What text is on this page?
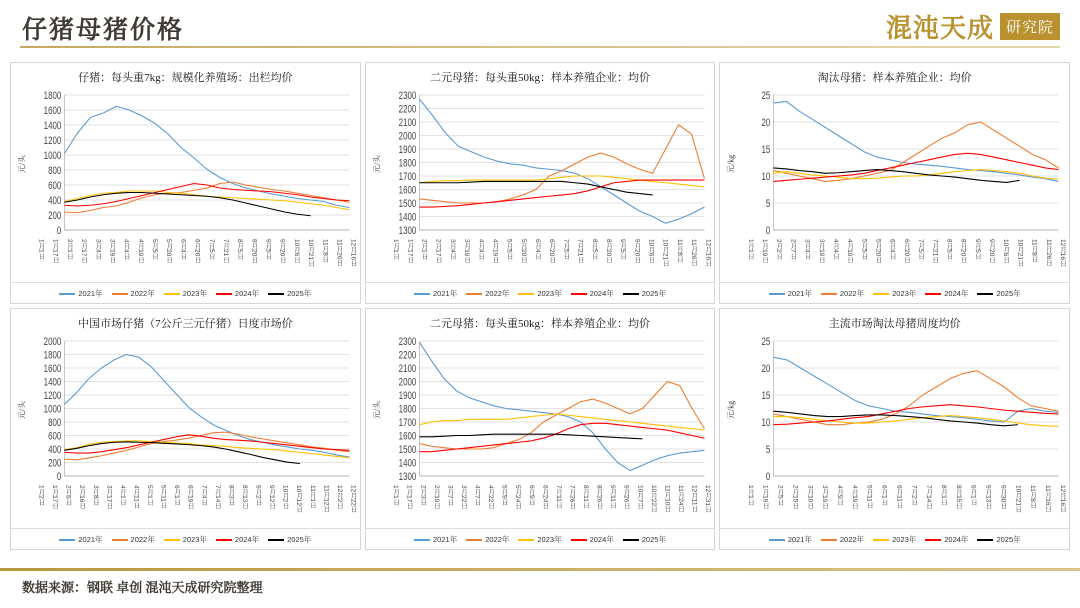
仔猪母猪价格	混沌天成 研究院
仔猪：每头重7kg：规模化养殖场：出栏均价
元/头
0
200
400
600
800
1000
1200
1400
1600
1800
1月1日 1月17日 2月1日 2月17日 3月4日 3月19日 4月4日 4月19日 5月5日 5月20日 6月4日 6月20日 7月5日 7月21日 8月5日 8月20日 9月5日 9月20日 10月6日 10月21日 11月8日 11月26日 12月16日
2021年	2022年	2023年	2024年	2025年
二元母猪：每头重50kg：样本养殖企业：均价
元/头
1300
1400
1500
1600
1700
1800
1900
2000
2100
2200
2300
1月1日 1月17日 2月1日 2月17日 3月4日 3月19日 4月4日 4月19日 5月5日 5月20日 6月4日 6月20日 7月5日 7月21日 8月5日 8月20日 9月5日 9月20日 10月6日 10月21日 11月8日 11月26日 12月16日
2021年	2022年	2023年	2024年	2025年
淘汰母猪：样本养殖企业：均价
元/kg
0
5
10
15
20
25
1月1日 1月19日 2月2日 2月7日 3月4日 3月19日 4月4日 4月19日 5月5日 5月20日 6月4日 6月20日 7月5日 7月21日 8月5日 8月20日 9月5日 9月20日 10月6日 10月21日 11月8日 11月26日 12月16日
2021年	2022年	2023年	2024年	2025年
中国市场仔猪（7公斤三元仔猪）日度市场价
元/头
0
200
400
600
800
1000
1200
1400
1600
1800
2000
1月2日 1月17日 2月6日 2月16日 3月8日 3月17日 4月1日 4月11日 5月1日 5月11日 6月1日 6月19日 7月4日 7月14日 8月3日 8月13日 9月2日 9月12日 10月2日 10月12日 11月1日 11月12日 12月2日 12月22日
2021年	2022年	2023年	2024年	2025年
二元母猪：每头重50kg：样本养殖企业：均价
元/头
1300
1400
1500
1600
1700
1800
1900
2000
2100
2200
2300
1月1日 1月17日 2月3日 2月19日 3月7日 3月22日 4月7日 4月22日 5月9日 5月24日 6月9日 6月24日 7月11日 7月26日 8月11日 8月26日 9月11日 9月26日 10月7日 10月22日 11月10日 11月24日 12月11日 12月31日
2021年	2022年	2023年	2024年	2025年
主流市场淘汰母猪周度均价
元/kg
0
5
10
15
20
25
1月1日 1月19日 2月5日 2月15日 3月10日 3月19日 4月9日 4月19日 5月11日 6月1日 6月11日 7月2日 7月14日 8月1日 8月15日 9月1日 9月13日 9月30日 10月21日 11月8日 11月16日 12月16日
2021年	2022年	2023年	2024年	2025年
数据来源：钢联 卓创 混沌天成研究院整理
